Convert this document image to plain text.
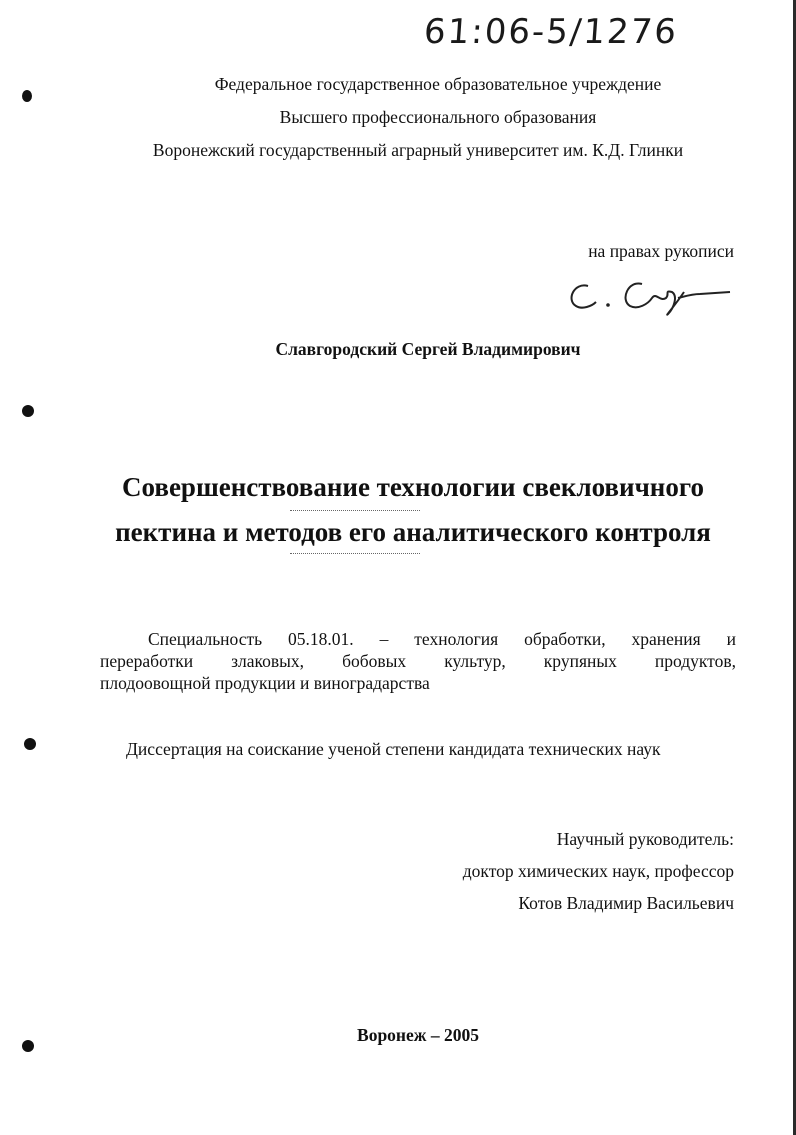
61:06-5/1276
Федеральное государственное образовательное учреждение
Высшего профессионального образования
Воронежский государственный аграрный университет им. К.Д. Глинки
на правах рукописи
Славгородский Сергей Владимирович
Совершенствование технологии свекловичного
пектина и методов его аналитического контроля
Специальность 05.18.01. – технология обработки, хранения и
переработки злаковых, бобовых культур, крупяных продуктов,
плодоовощной продукции и виноградарства
Диссертация на соискание ученой степени кандидата технических наук
Научный руководитель:
доктор химических наук, профессор
Котов Владимир Васильевич
Воронеж – 2005
